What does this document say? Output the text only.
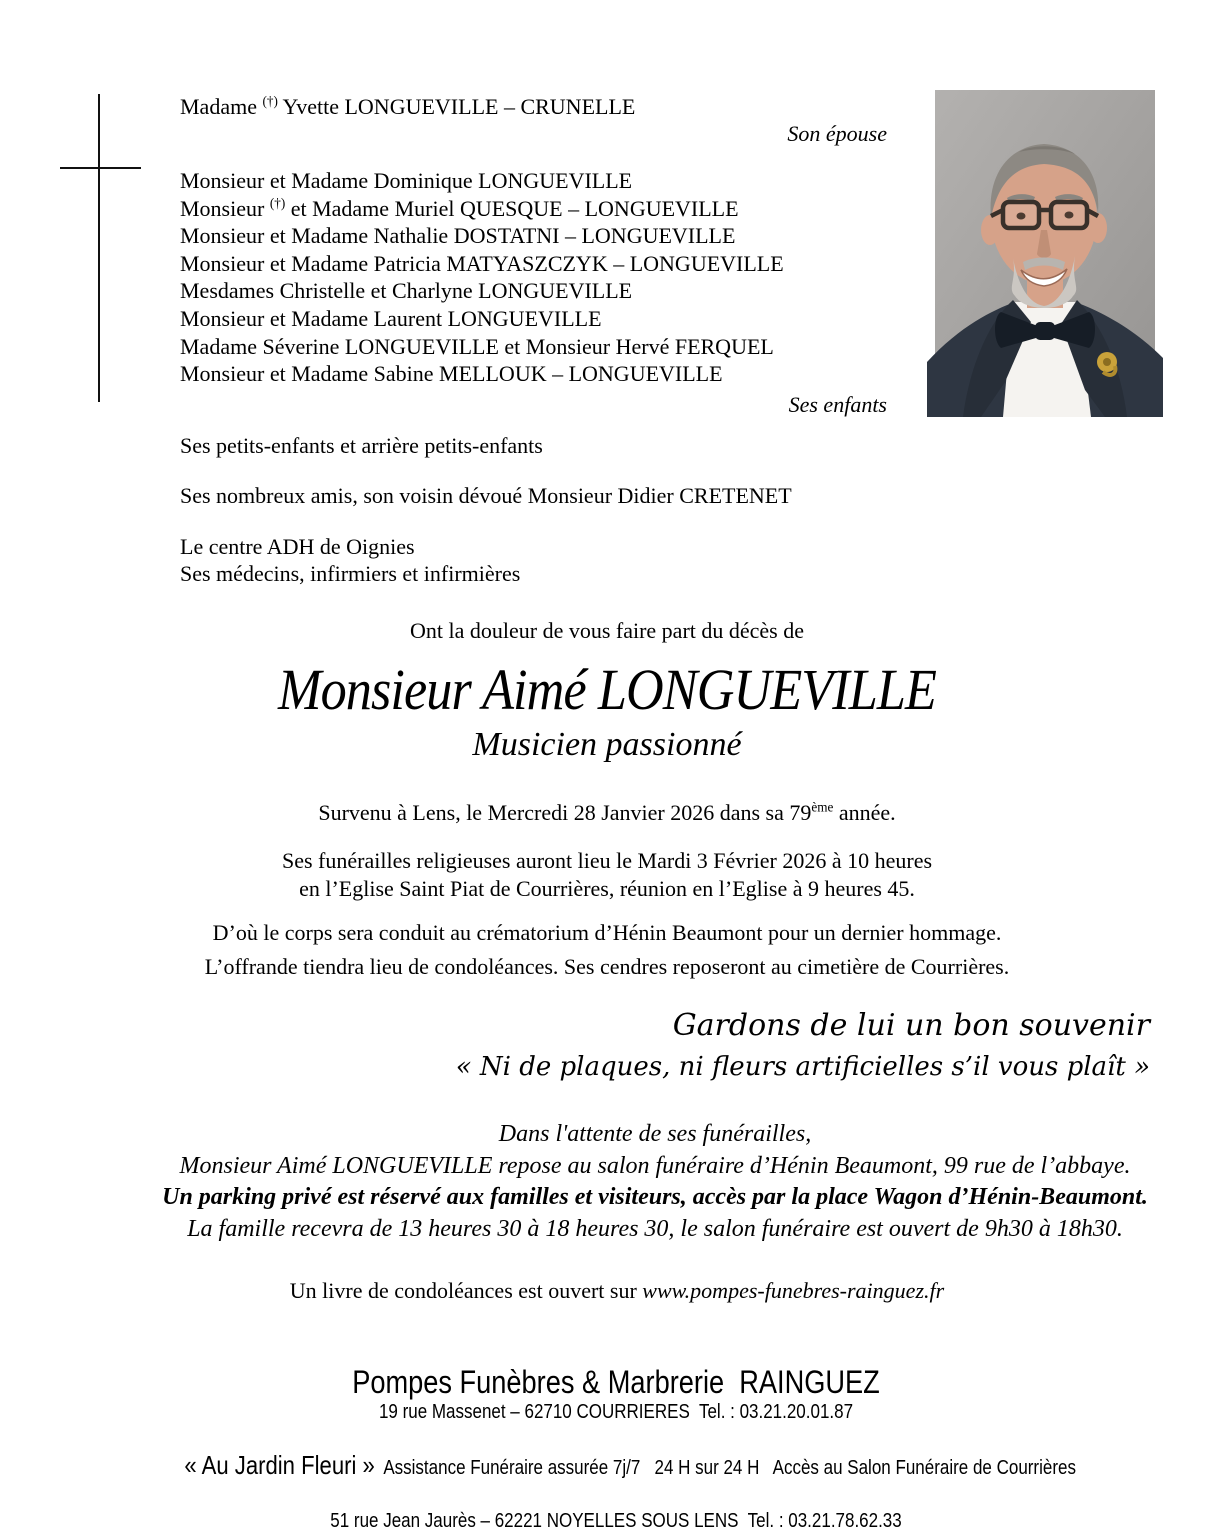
Madame (†) Yvette LONGUEVILLE – CRUNELLE
Son épouse
Monsieur et Madame Dominique LONGUEVILLE
Monsieur (†) et Madame Muriel QUESQUE – LONGUEVILLE
Monsieur et Madame Nathalie DOSTATNI – LONGUEVILLE
Monsieur et Madame Patricia MATYASZCZYK – LONGUEVILLE
Mesdames Christelle et Charlyne LONGUEVILLE
Monsieur et Madame Laurent LONGUEVILLE
Madame Séverine LONGUEVILLE et Monsieur Hervé FERQUEL
Monsieur et Madame Sabine MELLOUK – LONGUEVILLE
Ses enfants
Ses petits-enfants et arrière petits-enfants
Ses nombreux amis, son voisin dévoué Monsieur Didier CRETENET
Le centre ADH de Oignies
Ses médecins, infirmiers et infirmières
Ont la douleur de vous faire part du décès de
Monsieur Aimé LONGUEVILLE
Musicien passionné
Survenu à Lens, le Mercredi 28 Janvier 2026 dans sa 79ème année.
Ses funérailles religieuses auront lieu le Mardi 3 Février 2026 à 10 heures
en l’Eglise Saint Piat de Courrières, réunion en l’Eglise à 9 heures 45.
D’où le corps sera conduit au crématorium d’Hénin Beaumont pour un dernier hommage.
L’offrande tiendra lieu de condoléances. Ses cendres reposeront au cimetière de Courrières.
Gardons de lui un bon souvenir
« Ni de plaques, ni fleurs artificielles s’il vous plaît »
Dans l'attente de ses funérailles,
Monsieur Aimé LONGUEVILLE repose au salon funéraire d’Hénin Beaumont, 99 rue de l’abbaye.
Un parking privé est réservé aux familles et visiteurs, accès par la place Wagon d’Hénin-Beaumont.
La famille recevra de 13 heures 30 à 18 heures 30, le salon funéraire est ouvert de 9h30 à 18h30.
Un livre de condoléances est ouvert sur www.pompes-funebres-rainguez.fr
Pompes Funèbres & Marbrerie  RAINGUEZ
19 rue Massenet – 62710 COURRIERES  Tel. : 03.21.20.01.87

« Au Jardin Fleuri »  Assistance Funéraire assurée 7j/7   24 H sur 24 H   Accès au Salon Funéraire de Courrières

51 rue Jean Jaurès – 62221 NOYELLES SOUS LENS  Tel. : 03.21.78.62.33
